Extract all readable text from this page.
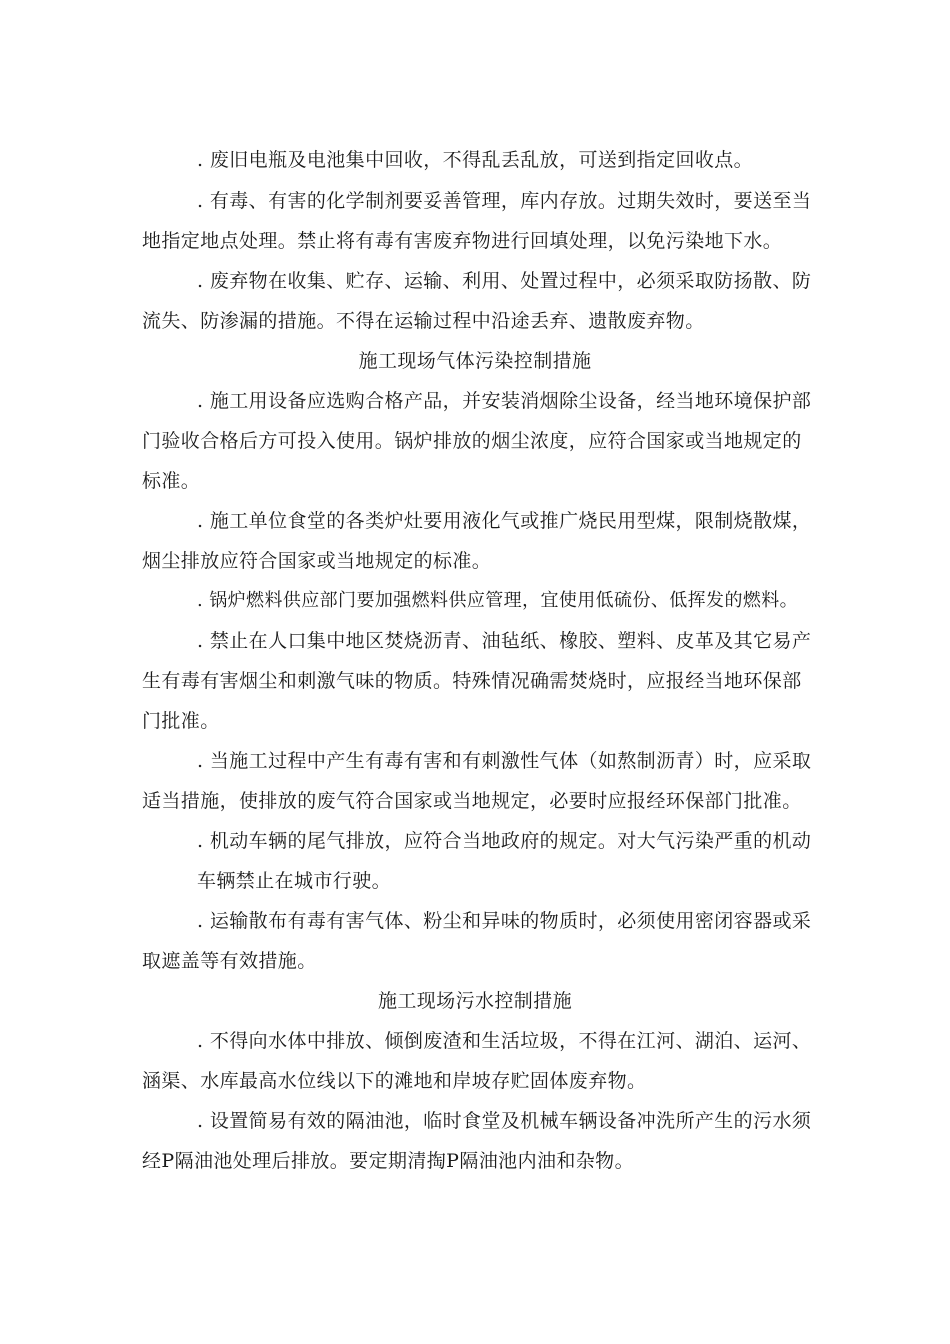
. 废旧电瓶及电池集中回收，不得乱丢乱放，可送到指定回收点。
. 有毒、有害的化学制剂要妥善管理，库内存放。过期失效时，要送至当
地指定地点处理。禁止将有毒有害废弃物进行回填处理，以免污染地下水。
. 废弃物在收集、贮存、运输、利用、处置过程中，必须采取防扬散、防
流失、防渗漏的措施。不得在运输过程中沿途丢弃、遗散废弃物。
施工现场气体污染控制措施
. 施工用设备应选购合格产品，并安装消烟除尘设备，经当地环境保护部
门验收合格后方可投入使用。锅炉排放的烟尘浓度，应符合国家或当地规定的
标准。
. 施工单位食堂的各类炉灶要用液化气或推广烧民用型煤，限制烧散煤，
烟尘排放应符合国家或当地规定的标准。
. 锅炉燃料供应部门要加强燃料供应管理，宜使用低硫份、低挥发的燃料。
. 禁止在人口集中地区焚烧沥青、油毡纸、橡胶、塑料、皮革及其它易产
生有毒有害烟尘和刺激气味的物质。特殊情况确需焚烧时，应报经当地环保部
门批准。
. 当施工过程中产生有毒有害和有刺激性气体（如熬制沥青）时，应采取
适当措施，使排放的废气符合国家或当地规定，必要时应报经环保部门批准。
. 机动车辆的尾气排放，应符合当地政府的规定。对大气污染严重的机动
车辆禁止在城市行驶。
. 运输散布有毒有害气体、粉尘和异味的物质时，必须使用密闭容器或采
取遮盖等有效措施。
施工现场污水控制措施
. 不得向水体中排放、倾倒废渣和生活垃圾，不得在江河、湖泊、运河、
涵渠、水库最高水位线以下的滩地和岸坡存贮固体废弃物。
. 设置简易有效的隔油池，临时食堂及机械车辆设备冲洗所产生的污水须
经P隔油池处理后排放。要定期清掏P隔油池内油和杂物。
